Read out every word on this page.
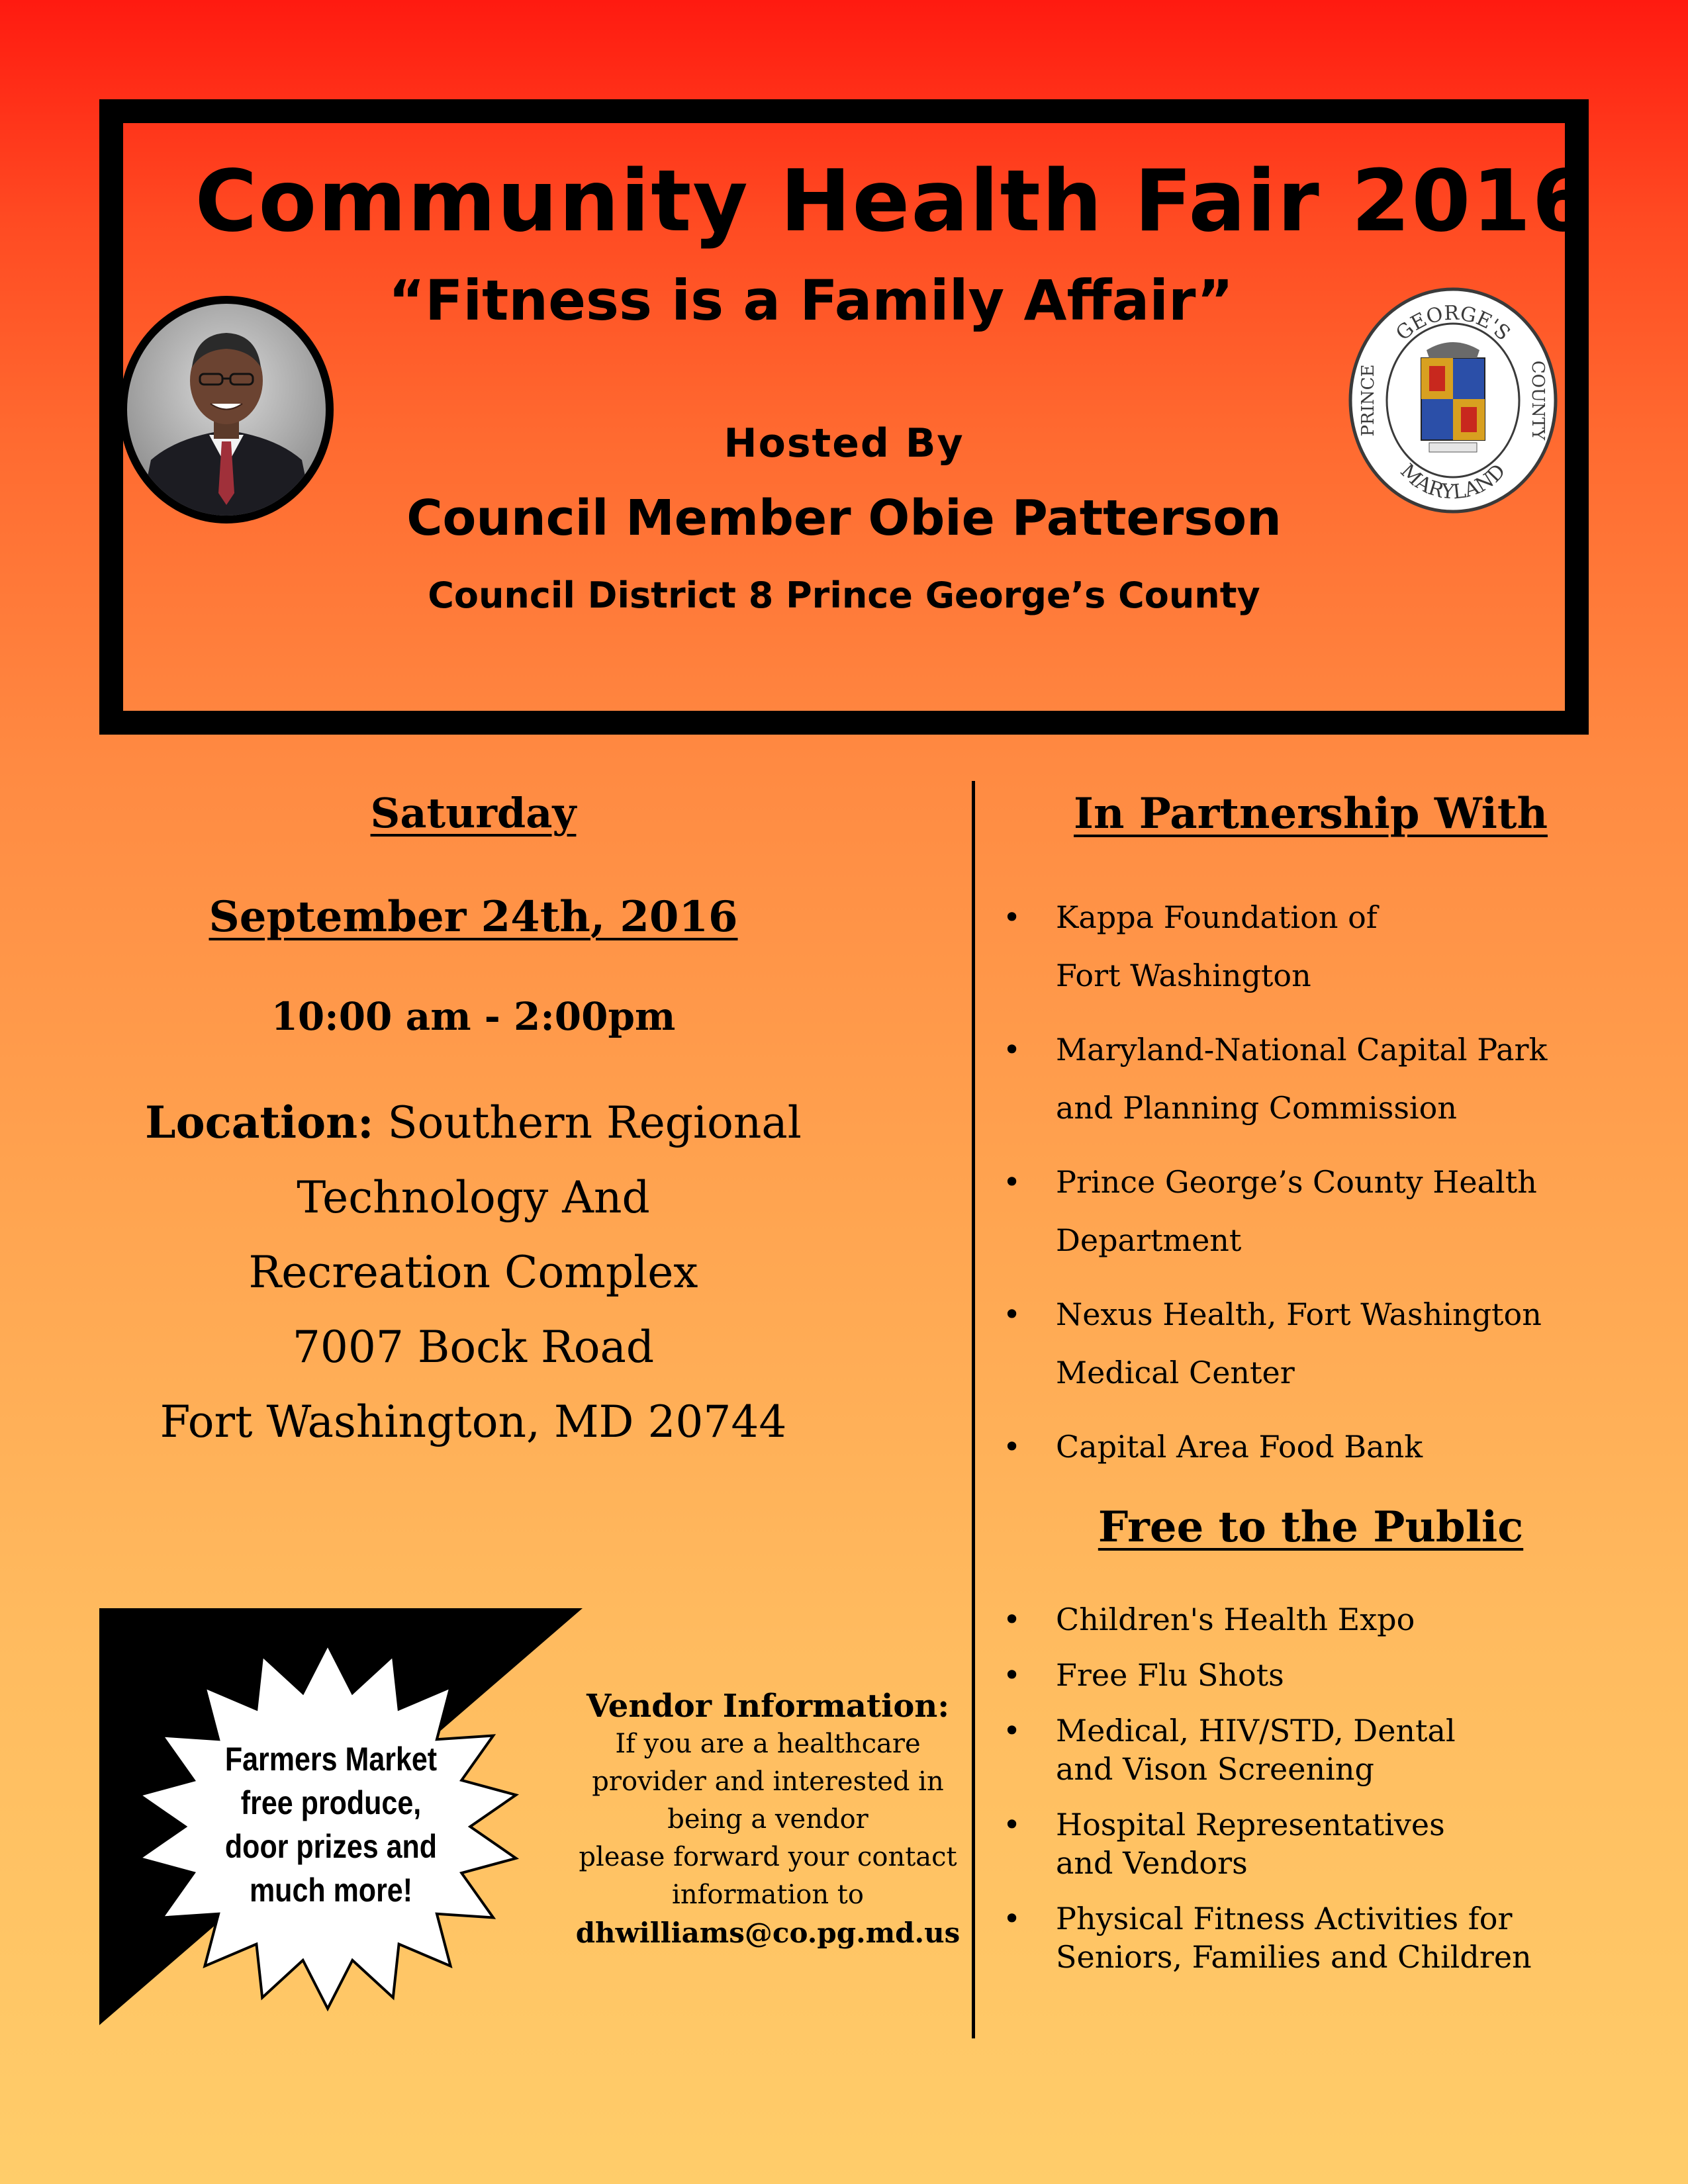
Community Health Fair 2016
“Fitness is a Family Affair”
Hosted By
Council Member Obie Patterson
Council District 8 Prince George’s County
GEORGE'S
MARYLAND
PRINCE	COUNTY
Saturday
September 24th, 2016
10:00 am - 2:00pm
Location: Southern Regional
Technology And
Recreation Complex
7007 Bock Road
Fort Washington, MD 20744
In Partnership With
• Kappa Foundation of
Fort Washington
• Maryland-National Capital Park
and Planning Commission
• Prince George’s County Health
Department
• Nexus Health, Fort Washington
Medical Center
• Capital Area Food Bank
Free to the Public
• Children's Health Expo
• Free Flu Shots
• Medical, HIV/STD, Dental
and Vison Screening
• Hospital Representatives
and Vendors
• Physical Fitness Activities for
Seniors, Families and Children
Vendor Information:
If you are a healthcare
provider and interested in
being a vendor
please forward your contact
information to
dhwilliams@co.pg.md.us
Farmers Market
free produce,
door prizes and
much more!
